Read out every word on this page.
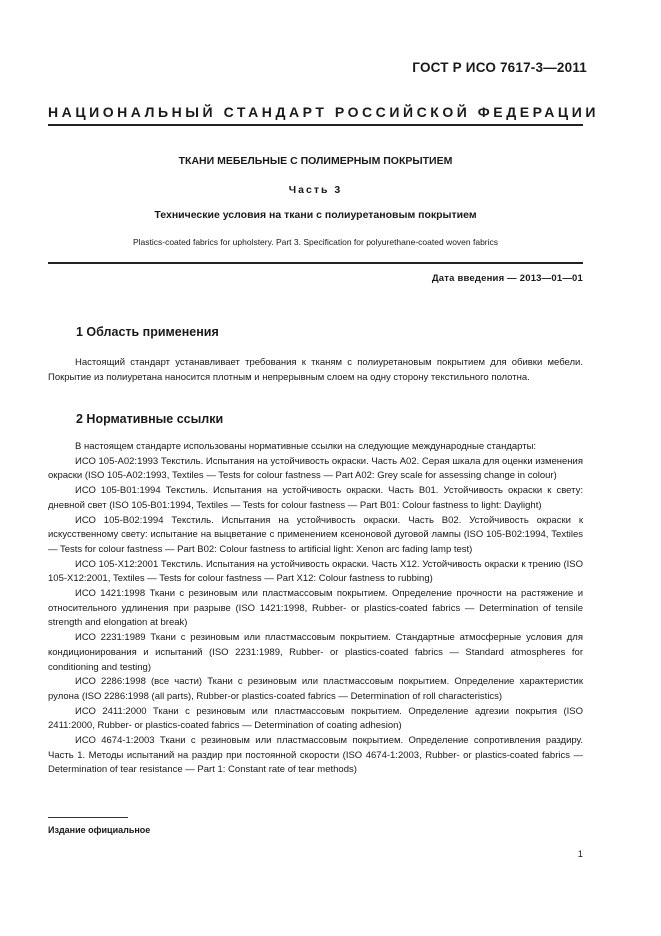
ГОСТ Р ИСО 7617-3—2011
НАЦИОНАЛЬНЫЙ СТАНДАРТ РОССИЙСКОЙ ФЕДЕРАЦИИ
ТКАНИ МЕБЕЛЬНЫЕ С ПОЛИМЕРНЫМ ПОКРЫТИЕМ
Часть 3
Технические условия на ткани с полиуретановым покрытием
Plastics-coated fabrics for upholstery. Part 3. Specification for polyurethane-coated woven fabrics
Дата введения — 2013—01—01
1 Область применения

Настоящий стандарт устанавливает требования к тканям с полиуретановым покрытием для обивки мебели. Покрытие из полиуретана наносится плотным и непрерывным слоем на одну сторону текстильного полотна.

2 Нормативные ссылки

В настоящем стандарте использованы нормативные ссылки на следующие международные стандарты:

ИСО 105-А02:1993 Текстиль. Испытания на устойчивость окраски. Часть А02. Серая шкала для оценки изменения окраски (ISO 105-А02:1993, Textiles — Tests for colour fastness — Part A02: Grey scale for assessing change in colour)

ИСО 105-В01:1994 Текстиль. Испытания на устойчивость окраски. Часть В01. Устойчивость окраски к свету: дневной свет (ISO 105-В01:1994, Textiles — Tests for colour fastness — Part B01: Colour fastness to light: Daylight)

ИСО 105-В02:1994 Текстиль. Испытания на устойчивость окраски. Часть В02. Устойчивость окраски к искусственному свету: испытание на выцветание с применением ксеноновой дуговой лампы (ISO 105-В02:1994, Textiles — Tests for colour fastness — Part B02: Colour fastness to artificial light: Xenon arc fading lamp test)

ИСО 105-Х12:2001 Текстиль. Испытания на устойчивость окраски. Часть Х12. Устойчивость окраски к трению (ISO 105-Х12:2001, Textiles — Tests for colour fastness — Part X12: Colour fastness to rubbing)

ИСО 1421:1998 Ткани с резиновым или пластмассовым покрытием. Определение прочности на растяжение и относительного удлинения при разрыве (ISO 1421:1998, Rubber- or plastics-coated fabrics — Determination of tensile strength and elongation at break)

ИСО 2231:1989 Ткани с резиновым или пластмассовым покрытием. Стандартные атмосферные условия для кондиционирования и испытаний (ISO 2231:1989, Rubber- or plastics-coated fabrics — Standard atmospheres for conditioning and testing)

ИСО 2286:1998 (все части) Ткани с резиновым или пластмассовым покрытием. Определение характеристик рулона (ISO 2286:1998 (all parts), Rubber-or plastics-coated fabrics — Determination of roll characteristics)

ИСО 2411:2000 Ткани с резиновым или пластмассовым покрытием. Определение адгезии покрытия (ISO 2411:2000, Rubber- or plastics-coated fabrics — Determination of coating adhesion)

ИСО 4674-1:2003 Ткани с резиновым или пластмассовым покрытием. Определение сопротивления раздиру. Часть 1. Методы испытаний на раздир при постоянной скорости (ISO 4674-1:2003, Rubber- or plastics-coated fabrics — Determination of tear resistance — Part 1: Constant rate of tear methods)

Издание официальное
1
